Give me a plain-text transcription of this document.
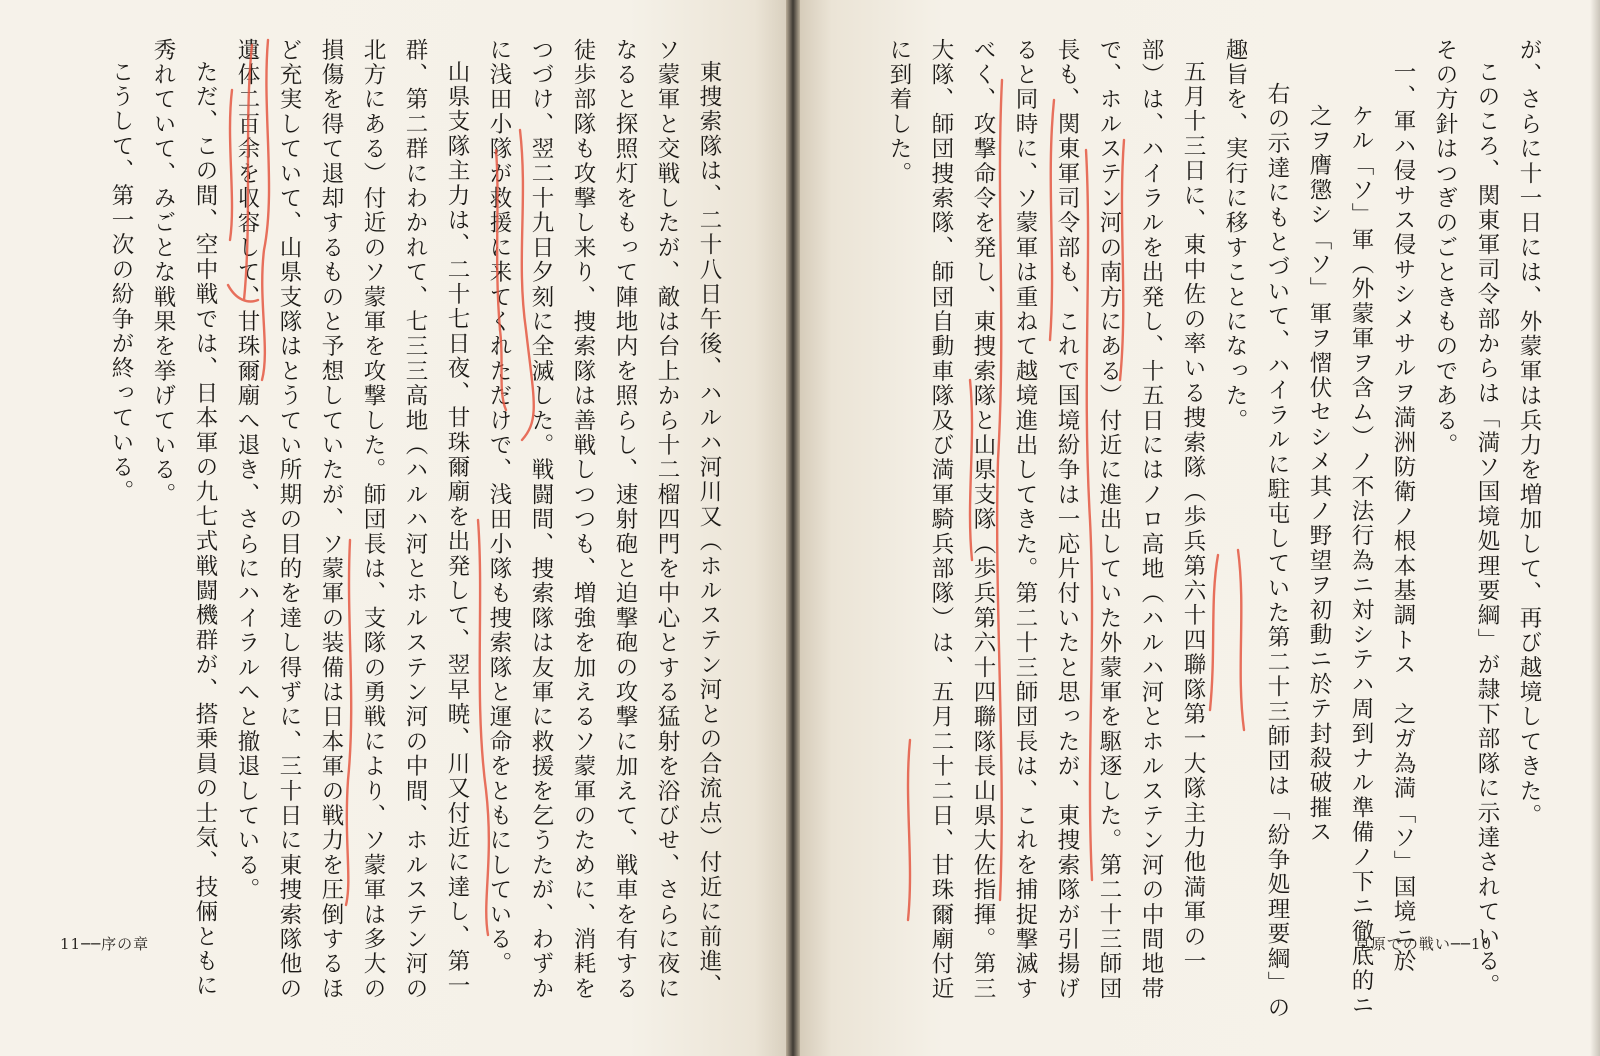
東捜索隊は、二十八日午後、ハルハ河川又（ホルステン河との合流点）付近に前進、
ソ蒙軍と交戦したが、敵は台上から十二榴四門を中心とする猛射を浴びせ、さらに夜に
なると探照灯をもって陣地内を照らし、速射砲と迫撃砲の攻撃に加えて、戦車を有する
徒歩部隊も攻撃し来り、捜索隊は善戦しつつも、増強を加えるソ蒙軍のために、消耗を
つづけ、翌二十九日夕刻に全滅した。戦闘間、捜索隊は友軍に救援を乞うたが、わずか
に浅田小隊が救援に来てくれただけで、浅田小隊も捜索隊と運命をともにしている。
山県支隊主力は、二十七日夜、甘珠爾廟を出発して、翌早暁、川又付近に達し、第一
群、第二群にわかれて、七三三高地（ハルハ河とホルステン河の中間、ホルステン河の
北方にある）付近のソ蒙軍を攻撃した。師団長は、支隊の勇戦により、ソ蒙軍は多大の
損傷を得て退却するものと予想していたが、ソ蒙軍の装備は日本軍の戦力を圧倒するほ
ど充実していて、山県支隊はとうてい所期の目的を達し得ずに、三十日に東捜索隊他の
遺体二百余を収容して、甘珠爾廟へ退き、さらにハイラルへと撤退している。
ただ、この間、空中戦では、日本軍の九七式戦闘機群が、搭乗員の士気、技倆ともに
秀れていて、みごとな戦果を挙げている。
こうして、第一次の紛争が終っている。
11──序の章
が、さらに十一日には、外蒙軍は兵力を増加して、再び越境してきた。
このころ、関東軍司令部からは「満ソ国境処理要綱」が隷下部隊に示達されている。
その方針はつぎのごときものである。
一、軍ハ侵サス侵サシメサルヲ満洲防衛ノ根本基調トス　之ガ為満「ソ」国境ニ於
ケル「ソ」軍（外蒙軍ヲ含ム）ノ不法行為ニ対シテハ周到ナル準備ノ下ニ徹底的ニ
之ヲ膺懲シ「ソ」軍ヲ慴伏セシメ其ノ野望ヲ初動ニ於テ封殺破摧ス
右の示達にもとづいて、ハイラルに駐屯していた第二十三師団は「紛争処理要綱」の
趣旨を、実行に移すことになった。
五月十三日に、東中佐の率いる捜索隊（歩兵第六十四聯隊第一大隊主力他満軍の一
部）は、ハイラルを出発し、十五日にはノロ高地（ハルハ河とホルステン河の中間地帯
で、ホルステン河の南方にある）付近に進出していた外蒙軍を駆逐した。第二十三師団
長も、関東軍司令部も、これで国境紛争は一応片付いたと思ったが、東捜索隊が引揚げ
ると同時に、ソ蒙軍は重ねて越境進出してきた。第二十三師団長は、これを捕捉撃滅す
べく、攻撃命令を発し、東捜索隊と山県支隊（歩兵第六十四聯隊長山県大佐指揮。第三
大隊、師団捜索隊、師団自動車隊及び満軍騎兵部隊）は、五月二十二日、甘珠爾廟付近
に到着した。
草原での戦い──10
